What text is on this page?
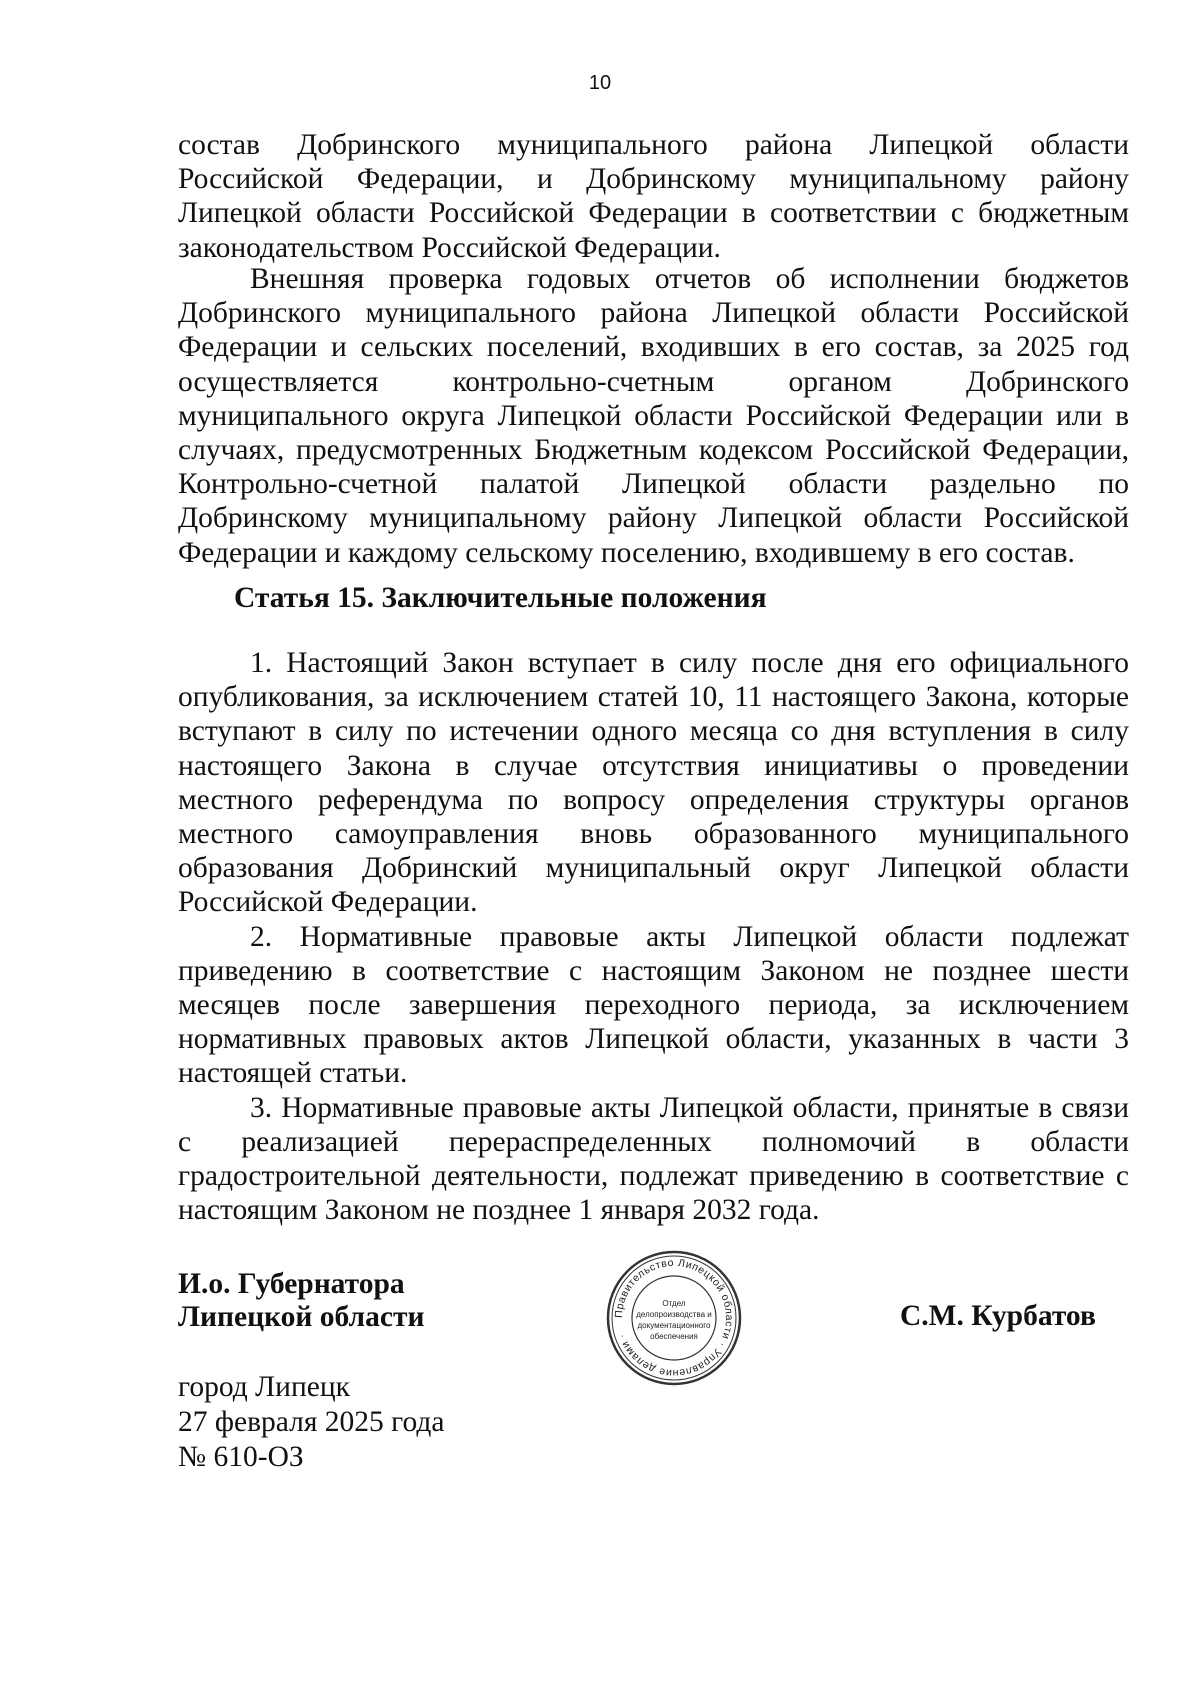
10

состав Добринского муниципального района Липецкой области Российской Федерации, и Добринскому муниципальному району Липецкой области Российской Федерации в соответствии с бюджетным законодательством Российской Федерации.

Внешняя проверка годовых отчетов об исполнении бюджетов Добринского муниципального района Липецкой области Российской Федерации и сельских поселений, входивших в его состав, за 2025 год осуществляется контрольно-счетным органом Добринского муниципального округа Липецкой области Российской Федерации или в случаях, предусмотренных Бюджетным кодексом Российской Федерации, Контрольно-счетной палатой Липецкой области раздельно по Добринскому муниципальному району Липецкой области Российской Федерации и каждому сельскому поселению, входившему в его состав.

Статья 15. Заключительные положения

1. Настоящий Закон вступает в силу после дня его официального опубликования, за исключением статей 10, 11 настоящего Закона, которые вступают в силу по истечении одного месяца со дня вступления в силу настоящего Закона в случае отсутствия инициативы о проведении местного референдума по вопросу определения структуры органов местного самоуправления вновь образованного муниципального образования Добринский муниципальный округ Липецкой области Российской Федерации.

2. Нормативные правовые акты Липецкой области подлежат приведению в соответствие с настоящим Законом не позднее шести месяцев после завершения переходного периода, за исключением нормативных правовых актов Липецкой области, указанных в части 3 настоящей статьи.

3. Нормативные правовые акты Липецкой области, принятые в связи с реализацией перераспределенных полномочий в области градостроительной деятельности, подлежат приведению в соответствие с настоящим Законом не позднее 1 января 2032 года.

И.о. Губернатора
Липецкой области	Правительство Липецкой области · Управление делами ·
Отдел
делопроизводства и
документационного
обеспечения
С.М. Курбатов
город Липецк
27 февраля 2025 года
№ 610-ОЗ
